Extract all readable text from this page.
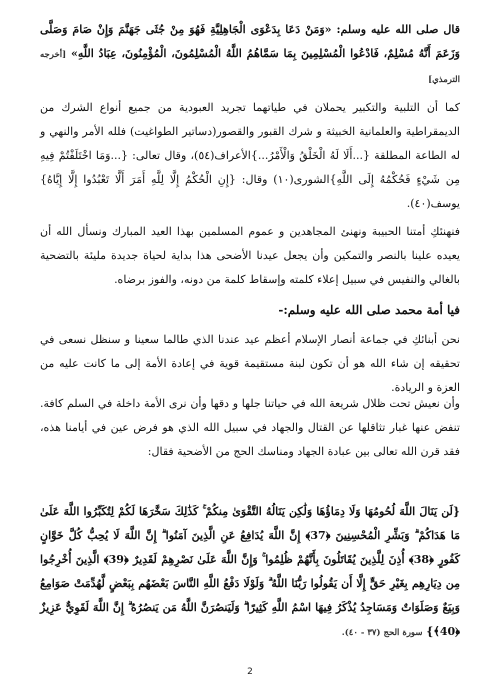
قال صلى الله عليه وسلم: «وَمَنْ دَعَا بِدَعْوَى الْجَاهِلِيَّةِ فَهُوَ مِنْ جُثَى جَهَنَّمَ وَإِنْ صَامَ وَصَلَّى وَزَعَمَ أَنَّهُ مُسْلِمٌ، فَادْعُوا الْمُسْلِمِينَ بِمَا سَمَّاهُمُ اللَّهُ الْمُسْلِمُونَ، الْمُؤْمِنُونَ، عِبَادُ اللَّهِ» [أخرجه الترمذي]
كما أن التلبية والتكبير يحملان في طياتهما تجريد العبودية من جميع أنواع الشرك من الديمقراطية والعلمانية الخبيثة و شرك القبور والقصور(دساتير الطواغيت) فلله الأمر والنهي و له الطاعة المطلقة {...أَلَا لَهُ الْخَلْقُ وَالْأَمْرُ...}الأعراف(٥٤)، وقال تعالى: {...وَمَا اخْتَلَفْتُمْ فِيهِ مِن شَيْءٍ فَحُكْمُهُ إِلَى اللَّهِ}الشورى(١٠) وقال: {إِنِ الْحُكْمُ إِلَّا لِلَّهِ أَمَرَ أَلَّا تَعْبُدُوا إِلَّا إِيَّاهُ} يوسف(٤٠).
فنهنئكِ أمتنا الحبيبة ونهنئ المجاهدين و عموم المسلمين بهذا العيد المبارك ونسأل الله أن يعيده علينا بالنصر والتمكين وأن يجعل عيدنا الأضحى هذا بداية لحياة جديدة مليئة بالتضحية بالغالي والنفيس في سبيل إعلاء كلمته وإسقاط كلمة من دونه، والفوز برضاه.
فيا أمة محمد صلى الله عليه وسلم:-
نحن أبنائكِ في جماعة أنصار الإسلام أعظم عيد عندنا الذي طالما سعينا و سنظل نسعى في تحقيقه إن شاء الله هو أن تكون لبنة مستقيمة قوية في إعادة الأمة إلى ما كانت عليه من العزة و الريادة.
وأن نعيش تحت ظلال شريعة الله في حياتنا جلها و دقها وأن نرى الأمة داخلة في السلم كافة. تنفض عنها غبار تثاقلها عن القتال والجهاد في سبيل الله الذي هو فرض عين في أيامنا هذه، فقد قرن الله تعالى بين عبادة الجهاد ومناسك الحج من الأضحية فقال:
{لَن يَنَالَ اللَّهَ لُحُومُهَا وَلَا دِمَاؤُهَا وَلَٰكِن يَنَالُهُ التَّقْوَىٰ مِنكُمْ ۚ كَذَٰلِكَ سَخَّرَهَا لَكُمْ لِتُكَبِّرُوا اللَّهَ عَلَىٰ مَا هَدَاكُمْ ۗ وَبَشِّرِ الْمُحْسِنِينَ ﴿37﴾ إِنَّ اللَّهَ يُدَافِعُ عَنِ الَّذِينَ آمَنُوا ۗ إِنَّ اللَّهَ لَا يُحِبُّ كُلَّ خَوَّانٍ كَفُورٍ ﴿38﴾ أُذِنَ لِلَّذِينَ يُقَاتَلُونَ بِأَنَّهُمْ ظُلِمُوا ۚ وَإِنَّ اللَّهَ عَلَىٰ نَصْرِهِمْ لَقَدِيرٌ ﴿39﴾ الَّذِينَ أُخْرِجُوا مِن دِيَارِهِم بِغَيْرِ حَقٍّ إِلَّا أَن يَقُولُوا رَبُّنَا اللَّهُ ۗ وَلَوْلَا دَفْعُ اللَّهِ النَّاسَ بَعْضَهُم بِبَعْضٍ لَّهُدِّمَتْ صَوَامِعُ وَبِيَعٌ وَصَلَوَاتٌ وَمَسَاجِدُ يُذْكَرُ فِيهَا اسْمُ اللَّهِ كَثِيرًا ۗ وَلَيَنصُرَنَّ اللَّهُ مَن يَنصُرُهُ ۗ إِنَّ اللَّهَ لَقَوِيٌّ عَزِيزٌ ﴿40﴾} سورة الحج (٣٧ - ٤٠).
2
